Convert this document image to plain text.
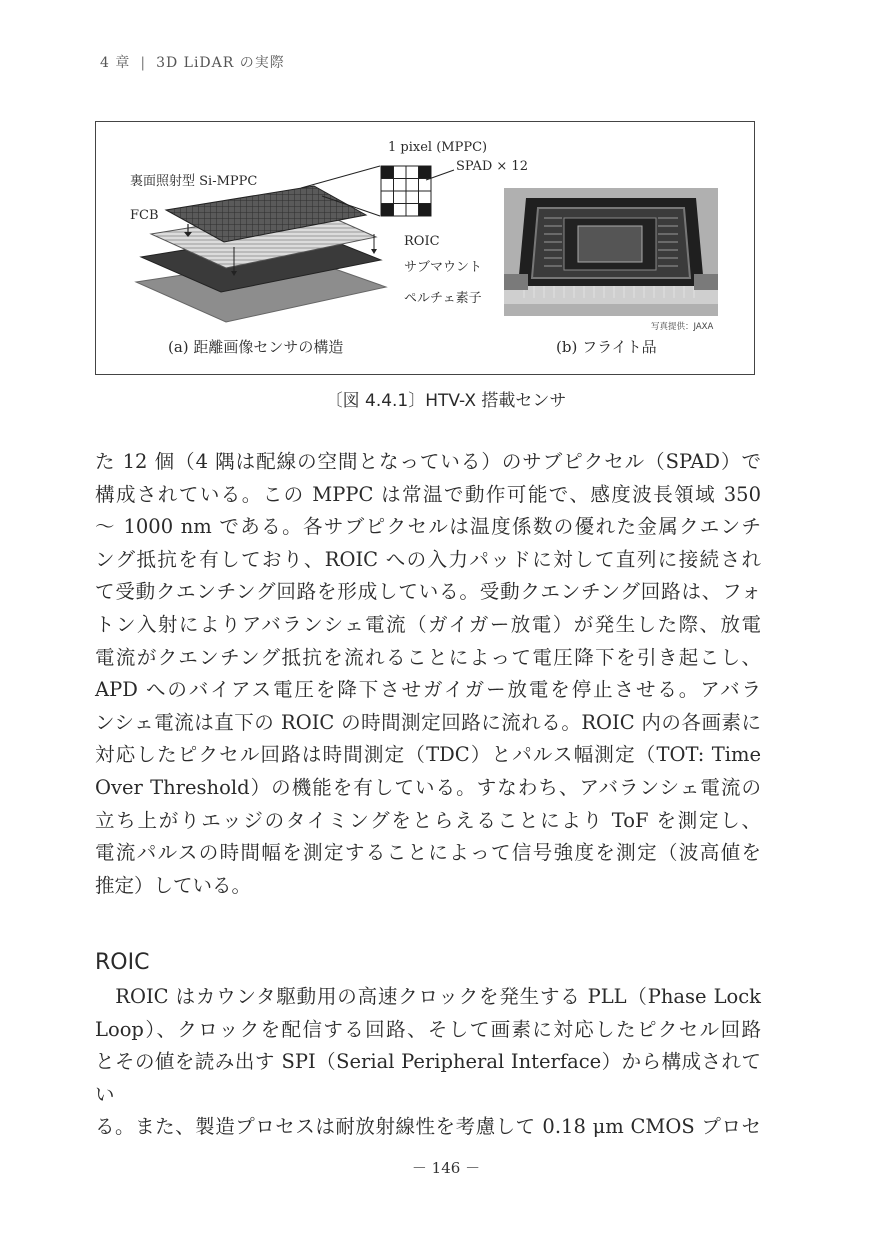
4 章 | 3D LiDAR の実際
1 pixel (MPPC)
SPAD × 12
裏面照射型 Si-MPPC
FCB
ROIC
サブマウント
ペルチェ素子
写真提供：JAXA
(a) 距離画像センサの構造	(b) フライト品
〔図 4.4.1〕HTV-X 搭載センサ

た 12 個（4 隅は配線の空間となっている）のサブピクセル（SPAD）で

構成されている。この MPPC は常温で動作可能で、感度波長領域 350

～ 1000 nm である。各サブピクセルは温度係数の優れた金属クエンチ

ング抵抗を有しており、ROIC への入力パッドに対して直列に接続され

て受動クエンチング回路を形成している。受動クエンチング回路は、フォ

トン入射によりアバランシェ電流（ガイガー放電）が発生した際、放電

電流がクエンチング抵抗を流れることによって電圧降下を引き起こし、

APD へのバイアス電圧を降下させガイガー放電を停止させる。アバラ

ンシェ電流は直下の ROIC の時間測定回路に流れる。ROIC 内の各画素に

対応したピクセル回路は時間測定（TDC）とパルス幅測定（TOT: Time

Over Threshold）の機能を有している。すなわち、アバランシェ電流の

立ち上がりエッジのタイミングをとらえることにより ToF を測定し、

電流パルスの時間幅を測定することによって信号強度を測定（波高値を

推定）している。

ROIC

　ROIC はカウンタ駆動用の高速クロックを発生する PLL（Phase Lock

Loop）、クロックを配信する回路、そして画素に対応したピクセル回路

とその値を読み出す SPI（Serial Peripheral Interface）から構成されてい

る。また、製造プロセスは耐放射線性を考慮して 0.18 μm CMOS プロセ

－ 146 －
